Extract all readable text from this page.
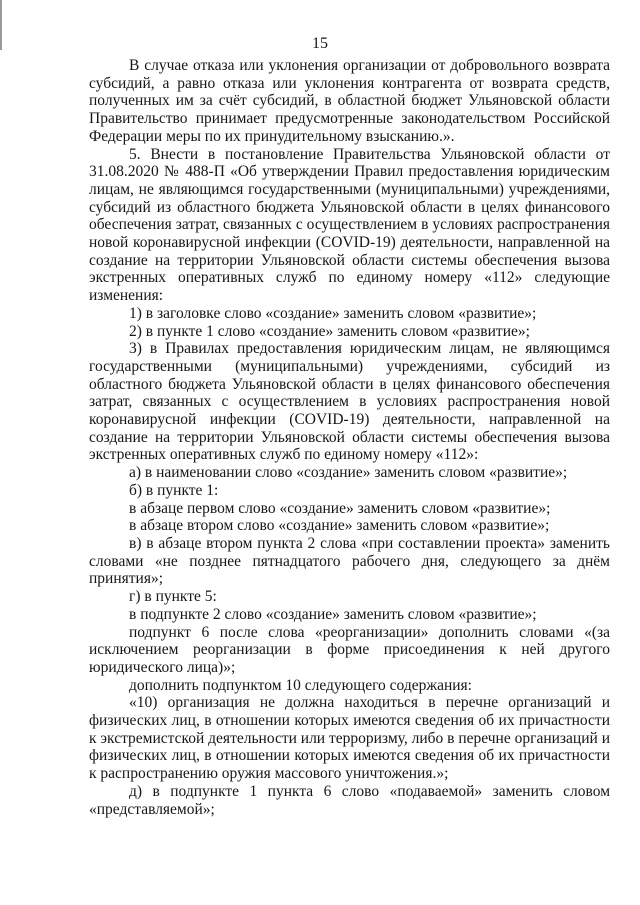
15

В случае отказа или уклонения организации от добровольного возврата субсидий, а равно отказа или уклонения контрагента от возврата средств, полученных им за счёт субсидий, в областной бюджет Ульяновской области Правительство принимает предусмотренные законодательством Российской Федерации меры по их принудительному взысканию.».

5. Внести в постановление Правительства Ульяновской области от 31.08.2020 № 488-П «Об утверждении Правил предоставления юридическим лицам, не являющимся государственными (муниципальными) учреждениями, субсидий из областного бюджета Ульяновской области в целях финансового обеспечения затрат, связанных с осуществлением в условиях распространения новой коронавирусной инфекции (COVID-19) деятельности, направленной на создание на территории Ульяновской области системы обеспечения вызова экстренных оперативных служб по единому номеру «112» следующие изменения:

1) в заголовке слово «создание» заменить словом «развитие»;

2) в пункте 1 слово «создание» заменить словом «развитие»;

3) в Правилах предоставления юридическим лицам, не являющимся государственными (муниципальными) учреждениями, субсидий из областного бюджета Ульяновской области в целях финансового обеспечения затрат, связанных с осуществлением в условиях распространения новой коронавирусной инфекции (COVID-19) деятельности, направленной на создание на территории Ульяновской области системы обеспечения вызова экстренных оперативных служб по единому номеру «112»:

а) в наименовании слово «создание» заменить словом «развитие»;

б) в пункте 1:

в абзаце первом слово «создание» заменить словом «развитие»;

в абзаце втором слово «создание» заменить словом «развитие»;

в) в абзаце втором пункта 2 слова «при составлении проекта» заменить словами «не позднее пятнадцатого рабочего дня, следующего за днём принятия»;

г) в пункте 5:

в подпункте 2 слово «создание» заменить словом «развитие»;

подпункт 6 после слова «реорганизации» дополнить словами «(за исключением реорганизации в форме присоединения к ней другого юридического лица)»;

дополнить подпунктом 10 следующего содержания:

«10) организация не должна находиться в перечне организаций и физических лиц, в отношении которых имеются сведения об их причастности к экстремистской деятельности или терроризму, либо в перечне организаций и физических лиц, в отношении которых имеются сведения об их причастности к распространению оружия массового уничтожения.»;

д) в подпункте 1 пункта 6 слово «подаваемой» заменить словом «представляемой»;
